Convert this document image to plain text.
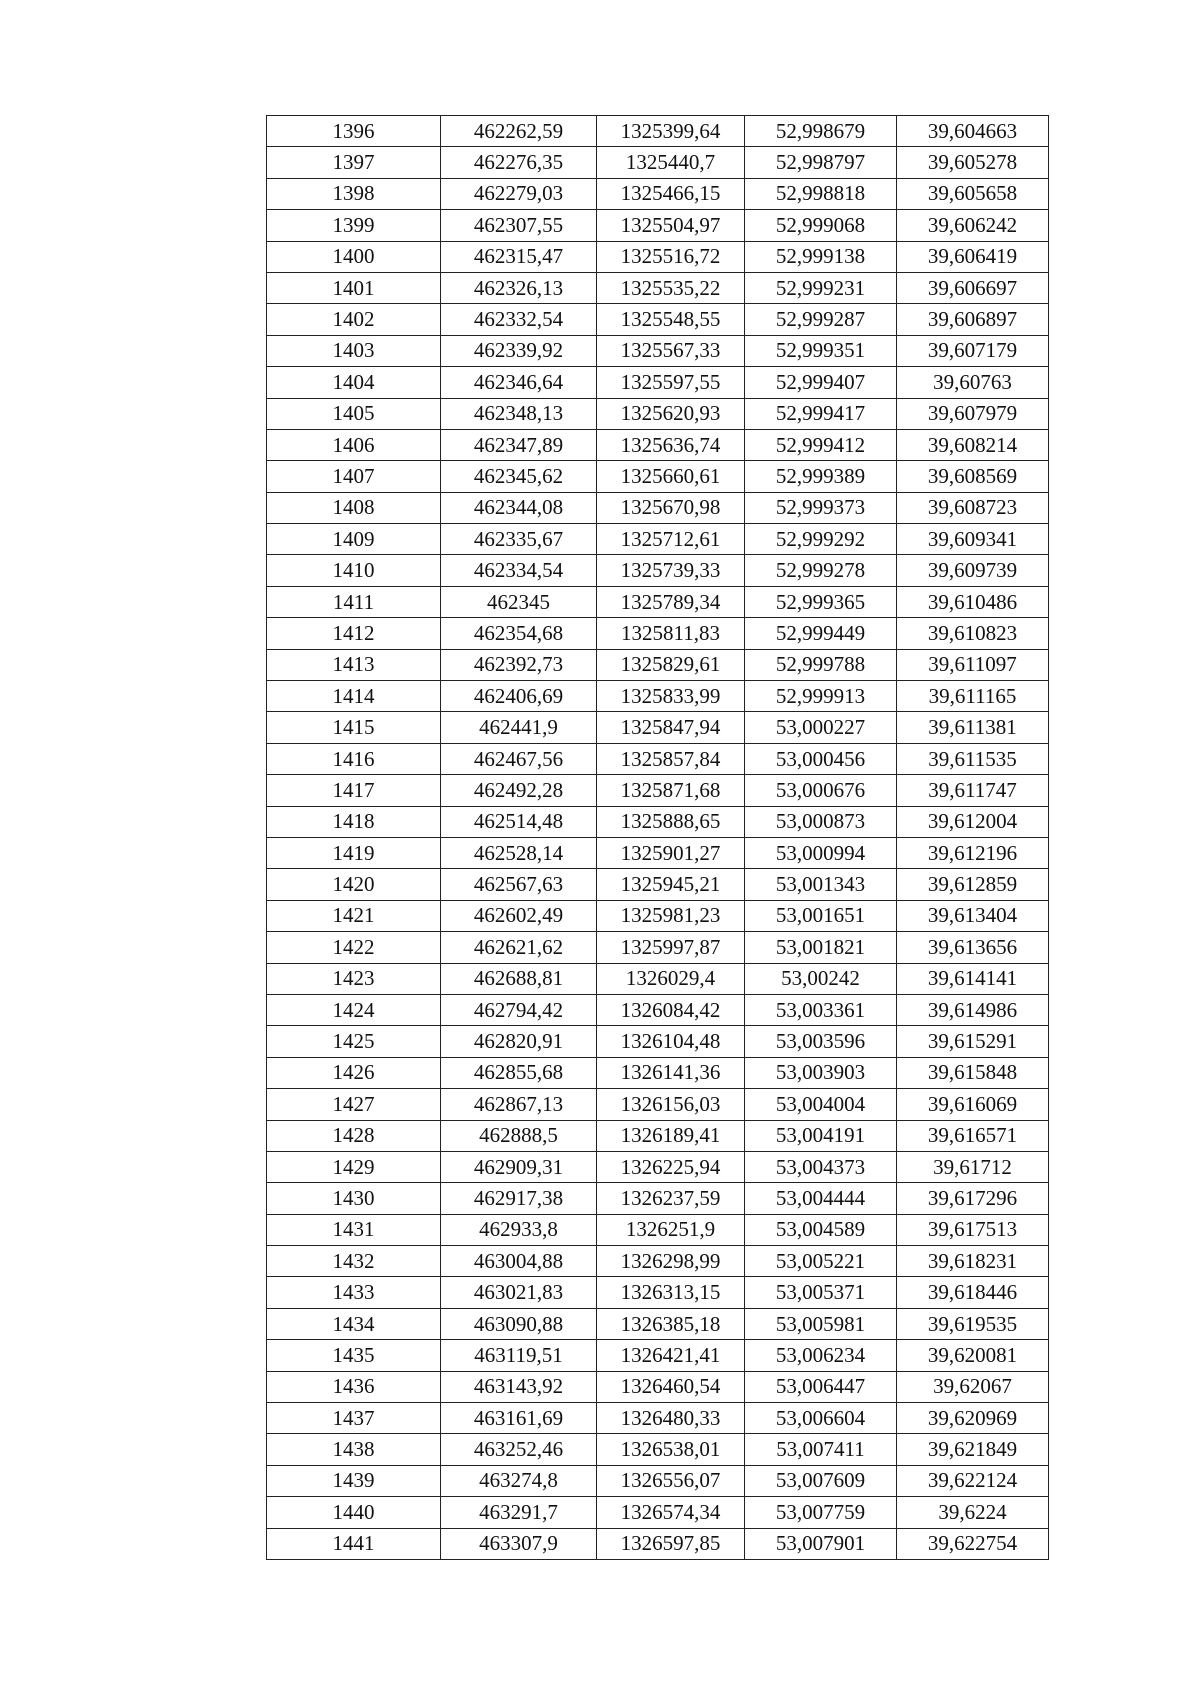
1396	462262,59	1325399,64	52,998679	39,604663
1397	462276,35	1325440,7	52,998797	39,605278
1398	462279,03	1325466,15	52,998818	39,605658
1399	462307,55	1325504,97	52,999068	39,606242
1400	462315,47	1325516,72	52,999138	39,606419
1401	462326,13	1325535,22	52,999231	39,606697
1402	462332,54	1325548,55	52,999287	39,606897
1403	462339,92	1325567,33	52,999351	39,607179
1404	462346,64	1325597,55	52,999407	39,60763
1405	462348,13	1325620,93	52,999417	39,607979
1406	462347,89	1325636,74	52,999412	39,608214
1407	462345,62	1325660,61	52,999389	39,608569
1408	462344,08	1325670,98	52,999373	39,608723
1409	462335,67	1325712,61	52,999292	39,609341
1410	462334,54	1325739,33	52,999278	39,609739
1411	462345	1325789,34	52,999365	39,610486
1412	462354,68	1325811,83	52,999449	39,610823
1413	462392,73	1325829,61	52,999788	39,611097
1414	462406,69	1325833,99	52,999913	39,611165
1415	462441,9	1325847,94	53,000227	39,611381
1416	462467,56	1325857,84	53,000456	39,611535
1417	462492,28	1325871,68	53,000676	39,611747
1418	462514,48	1325888,65	53,000873	39,612004
1419	462528,14	1325901,27	53,000994	39,612196
1420	462567,63	1325945,21	53,001343	39,612859
1421	462602,49	1325981,23	53,001651	39,613404
1422	462621,62	1325997,87	53,001821	39,613656
1423	462688,81	1326029,4	53,00242	39,614141
1424	462794,42	1326084,42	53,003361	39,614986
1425	462820,91	1326104,48	53,003596	39,615291
1426	462855,68	1326141,36	53,003903	39,615848
1427	462867,13	1326156,03	53,004004	39,616069
1428	462888,5	1326189,41	53,004191	39,616571
1429	462909,31	1326225,94	53,004373	39,61712
1430	462917,38	1326237,59	53,004444	39,617296
1431	462933,8	1326251,9	53,004589	39,617513
1432	463004,88	1326298,99	53,005221	39,618231
1433	463021,83	1326313,15	53,005371	39,618446
1434	463090,88	1326385,18	53,005981	39,619535
1435	463119,51	1326421,41	53,006234	39,620081
1436	463143,92	1326460,54	53,006447	39,62067
1437	463161,69	1326480,33	53,006604	39,620969
1438	463252,46	1326538,01	53,007411	39,621849
1439	463274,8	1326556,07	53,007609	39,622124
1440	463291,7	1326574,34	53,007759	39,6224
1441	463307,9	1326597,85	53,007901	39,622754
